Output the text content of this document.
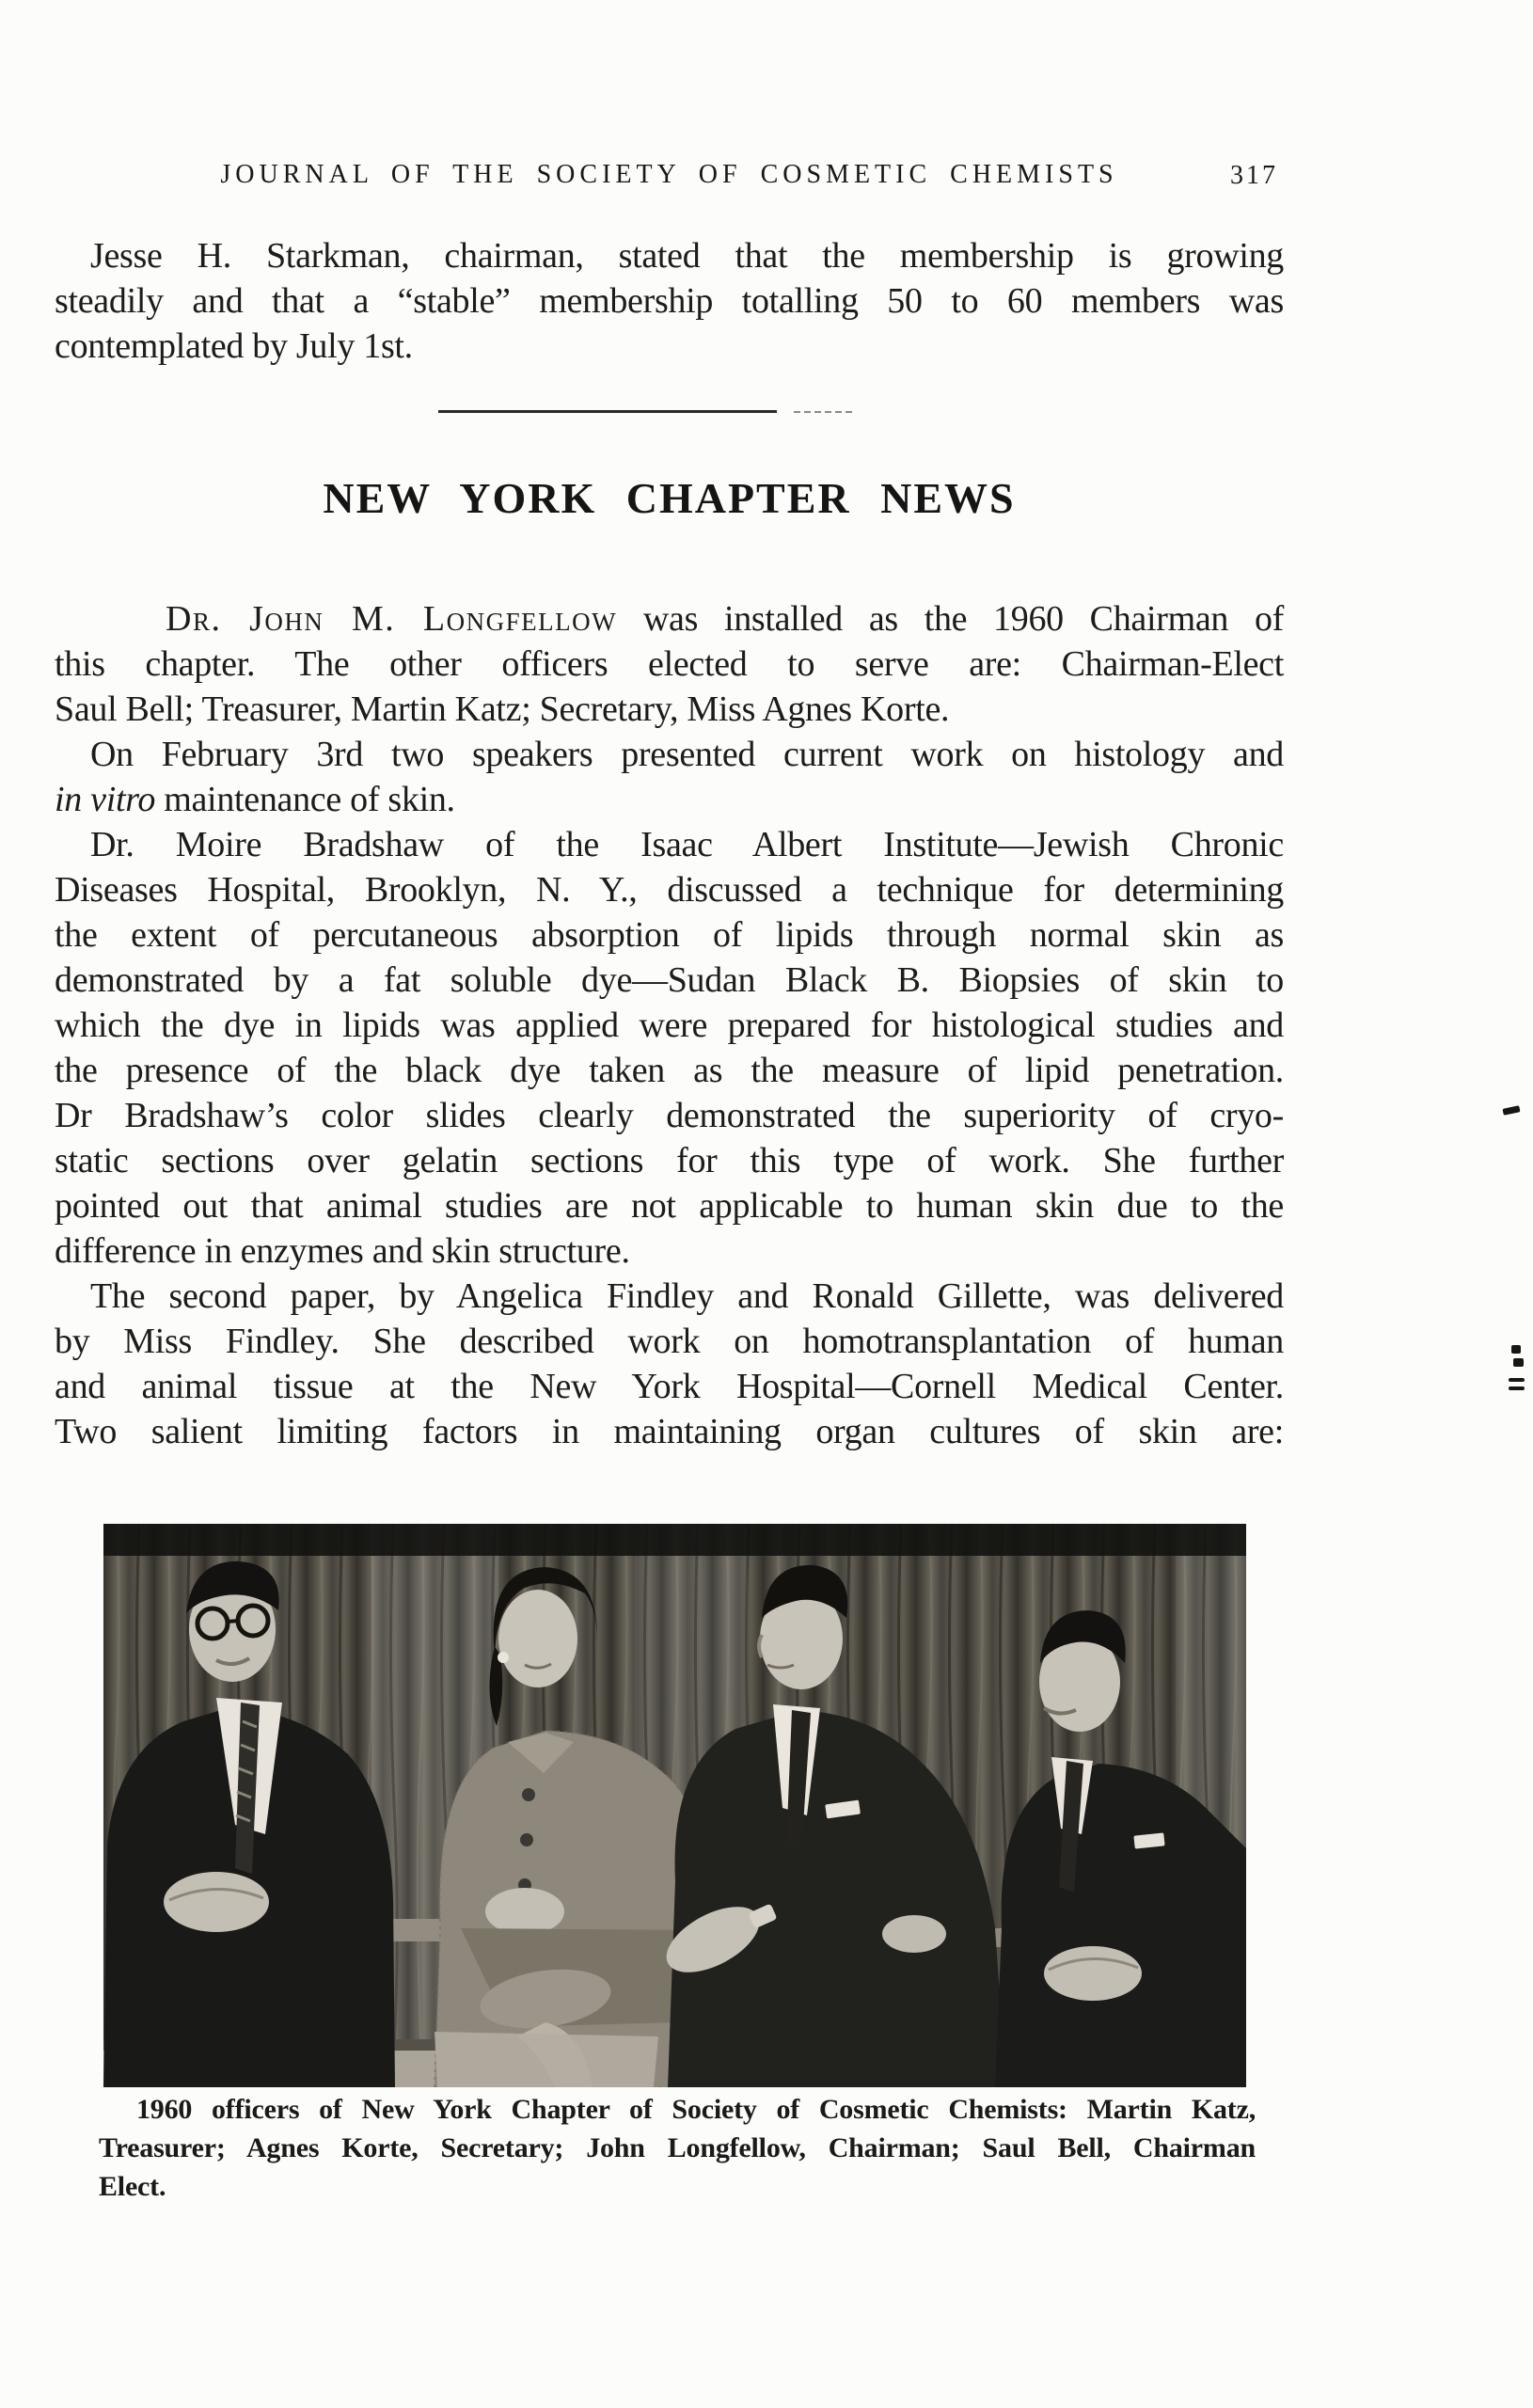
JOURNAL OF THE SOCIETY OF COSMETIC CHEMISTS	317
Jesse H. Starkman, chairman, stated that the membership is growing
steadily and that a “stable” membership totalling 50 to 60 members was
contemplated by July 1st.
NEW YORK CHAPTER NEWS
Dr. John M. Longfellow was installed as the 1960 Chairman of
this chapter. The other officers elected to serve are: Chairman-Elect
Saul Bell; Treasurer, Martin Katz; Secretary, Miss Agnes Korte.
On February 3rd two speakers presented current work on histology and
in vitro maintenance of skin.
Dr. Moire Bradshaw of the Isaac Albert Institute—Jewish Chronic
Diseases Hospital, Brooklyn, N. Y., discussed a technique for determining
the extent of percutaneous absorption of lipids through normal skin as
demonstrated by a fat soluble dye—Sudan Black B. Biopsies of skin to
which the dye in lipids was applied were prepared for histological studies and
the presence of the black dye taken as the measure of lipid penetration.
Dr Bradshaw’s color slides clearly demonstrated the superiority of cryo-
static sections over gelatin sections for this type of work. She further
pointed out that animal studies are not applicable to human skin due to the
difference in enzymes and skin structure.
The second paper, by Angelica Findley and Ronald Gillette, was delivered
by Miss Findley. She described work on homotransplantation of human
and animal tissue at the New York Hospital—Cornell Medical Center.
Two salient limiting factors in maintaining organ cultures of skin are:
1960 officers of New York Chapter of Society of Cosmetic Chemists: Martin Katz,
Treasurer; Agnes Korte, Secretary; John Longfellow, Chairman; Saul Bell, Chairman
Elect.
